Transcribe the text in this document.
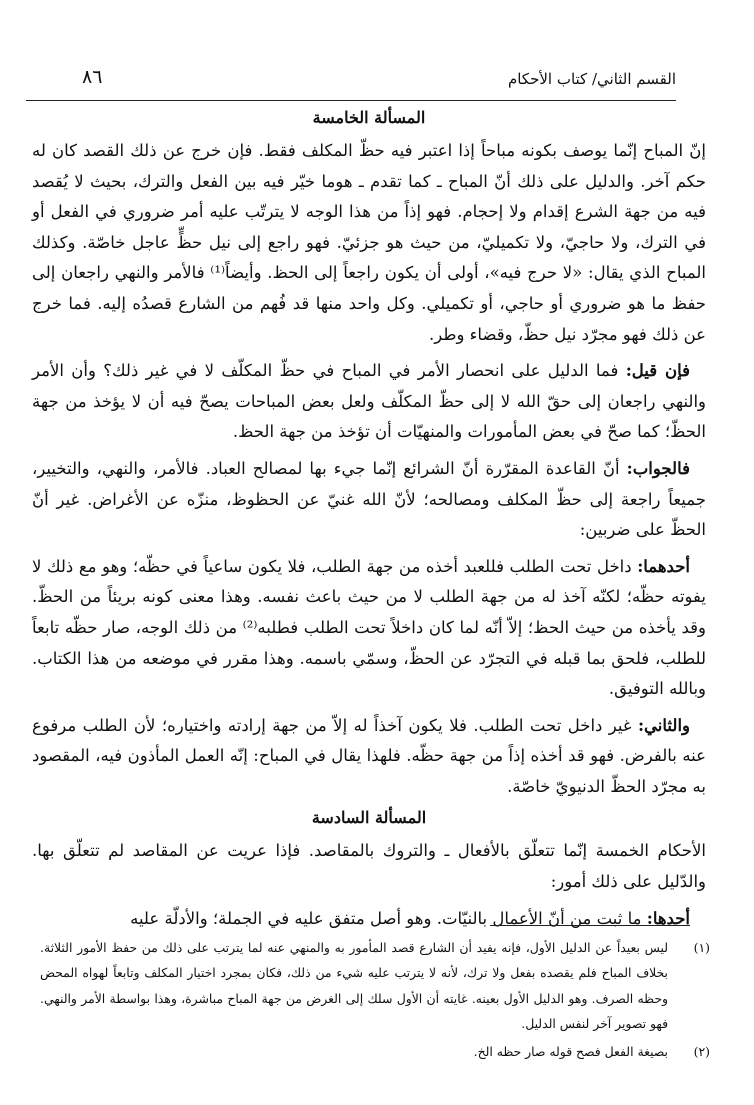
٨٦	القسم الثاني/ كتاب الأحكام
المسألة الخامسة

إنّ المباح إنّما يوصف بكونه مباحاً إذا اعتبر فيه حظّ المكلف فقط. فإن خرج عن ذلك القصد كان له حكم آخر. والدليل على ذلك أنّ المباح ـ كما تقدم ـ هوما خيّر فيه بين الفعل والترك، بحيث لا يُقصد فيه من جهة الشرع إقدام ولا إحجام. فهو إذاً من هذا الوجه لا يترتّب عليه أمر ضروري في الفعل أو في الترك، ولا حاجيّ، ولا تكميليّ، من حيث هو جزئيّ. فهو راجع إلى نيل حظٍّ عاجل خاصّة. وكذلك المباح الذي يقال: «لا حرج فيه»، أولى أن يكون راجعاً إلى الحظ. وأيضاً⁽¹⁾ فالأمر والنهي راجعان إلى حفظ ما هو ضروري أو حاجي، أو تكميلي. وكل واحد منها قد فُهم من الشارع قصدُه إليه. فما خرج عن ذلك فهو مجرّد نيل حظّ، وقضاء وطر.

فإن قيل: فما الدليل على انحصار الأمر في المباح في حظّ المكلّف لا في غير ذلك؟ وأن الأمر والنهي راجعان إلى حقّ الله لا إلى حظّ المكلّف ولعل بعض المباحات يصحّ فيه أن لا يؤخذ من جهة الحظّ؛ كما صحّ في بعض المأمورات والمنهيّات أن تؤخذ من جهة الحظ.

فالجواب: أنّ القاعدة المقرّرة أنّ الشرائع إنّما جيء بها لمصالح العباد. فالأمر، والنهي، والتخيير، جميعاً راجعة إلى حظّ المكلف ومصالحه؛ لأنّ الله غنيّ عن الحظوظ، منزّه عن الأغراض. غير أنّ الحظّ على ضربين:

أحدهما: داخل تحت الطلب فللعبد أخذه من جهة الطلب، فلا يكون ساعياً في حظّه؛ وهو مع ذلك لا يفوته حظّه؛ لكنّه آخذ له من جهة الطلب لا من حيث باعث نفسه. وهذا معنى كونه بريئاً من الحظّ. وقد يأخذه من حيث الحظ؛ إلاّ أنّه لما كان داخلاً تحت الطلب فطلبه⁽²⁾ من ذلك الوجه، صار حظّه تابعاً للطلب، فلحق بما قبله في التجرّد عن الحظّ، وسمّي باسمه. وهذا مقرر في موضعه من هذا الكتاب. وبالله التوفيق.

والثاني: غير داخل تحت الطلب. فلا يكون آخذاً له إلاّ من جهة إرادته واختياره؛ لأن الطلب مرفوع عنه بالفرض. فهو قد أخذه إذاً من جهة حظّه. فلهذا يقال في المباح: إنّه العمل المأذون فيه، المقصود به مجرّد الحظّ الدنيويّ خاصّة.

المسألة السادسة

الأحكام الخمسة إنّما تتعلّق بالأفعال ـ والتروك بالمقاصد. فإذا عريت عن المقاصد لم تتعلّق بها. والدّليل على ذلك أمور:

أحدها: ما ثبت من أنّ الأعمال بالنيّات. وهو أصل متفق عليه في الجملة؛ والأدلّة عليه

(١)
ليس بعيداً عن الدليل الأول، فإنه يفيد أن الشارع قصد المأمور به والمنهي عنه لما يترتب على ذلك من حفظ الأمور الثلاثة. بخلاف المباح فلم يقصده بفعل ولا ترك، لأنه لا يترتب عليه شيء من ذلك، فكان بمجرد اختيار المكلف وتابعاً لهواه المحض وحظه الصرف. وهو الدليل الأول بعينه. غايته أن الأول سلك إلى الغرض من جهة المباح مباشرة، وهذا بواسطة الأمر والنهي. فهو تصوير آخر لنفس الدليل.
(٢)
بصيغة الفعل فصح قوله صار حظه الخ.
